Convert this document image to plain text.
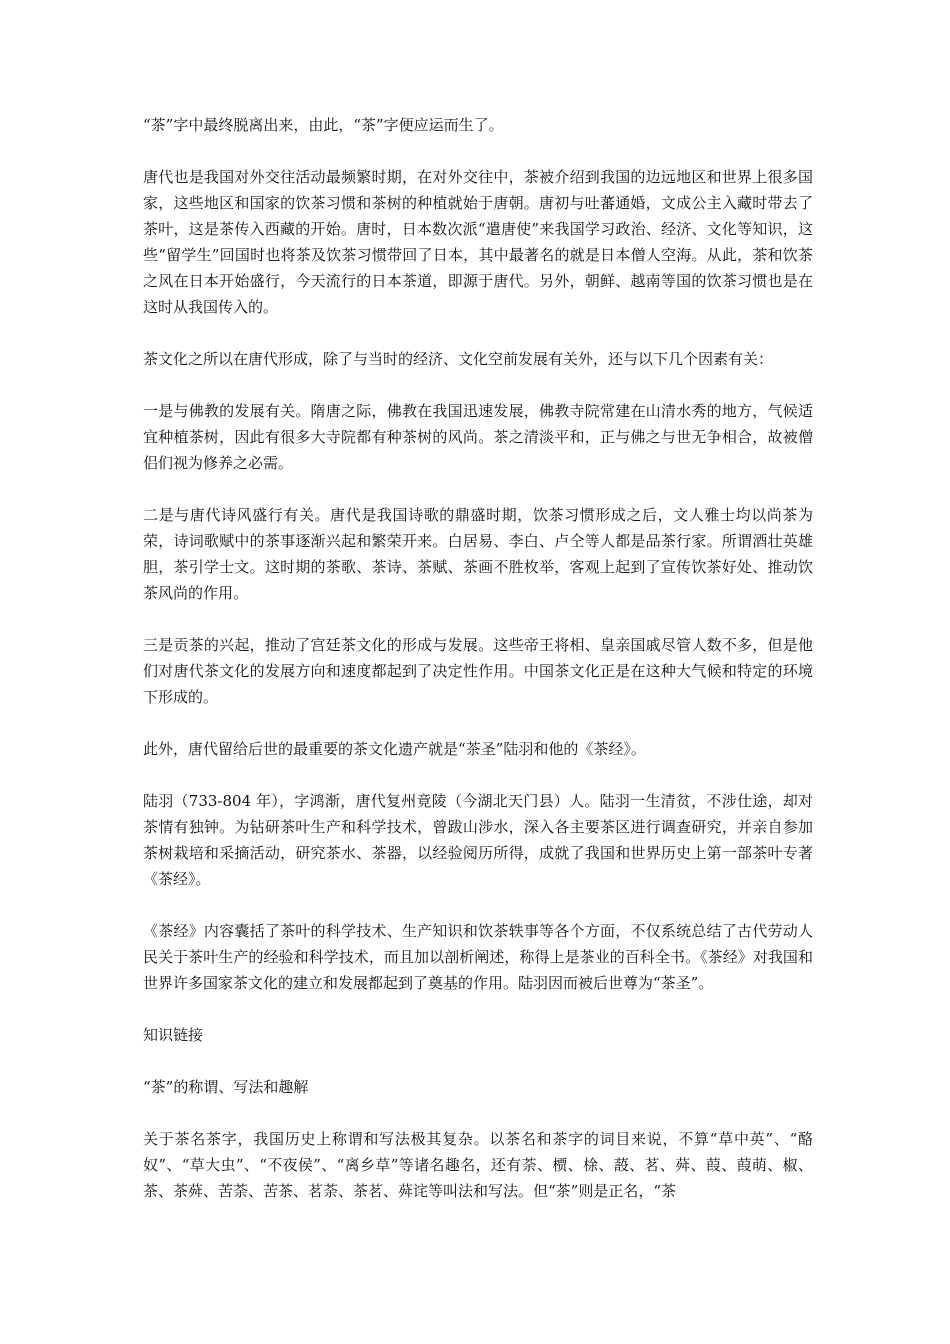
“茶”字中最终脱离出来，由此，“茶”字便应运而生了。

唐代也是我国对外交往活动最频繁时期，在对外交往中，茶被介绍到我国的边远地区和世界上很多国家，这些地区和国家的饮茶习惯和茶树的种植就始于唐朝。唐初与吐蕃通婚，文成公主入藏时带去了茶叶，这是茶传入西藏的开始。唐时，日本数次派“遣唐使”来我国学习政治、经济、文化等知识，这些“留学生”回国时也将茶及饮茶习惯带回了日本，其中最著名的就是日本僧人空海。从此，茶和饮茶之风在日本开始盛行，今天流行的日本茶道，即源于唐代。另外，朝鲜、越南等国的饮茶习惯也是在这时从我国传入的。

茶文化之所以在唐代形成，除了与当时的经济、文化空前发展有关外，还与以下几个因素有关：

一是与佛教的发展有关。隋唐之际，佛教在我国迅速发展，佛教寺院常建在山清水秀的地方，气候适宜种植茶树，因此有很多大寺院都有种茶树的风尚。茶之清淡平和，正与佛之与世无争相合，故被僧侣们视为修养之必需。

二是与唐代诗风盛行有关。唐代是我国诗歌的鼎盛时期，饮茶习惯形成之后，文人雅士均以尚茶为荣，诗词歌赋中的茶事逐渐兴起和繁荣开来。白居易、李白、卢仝等人都是品茶行家。所谓酒壮英雄胆，茶引学士文。这时期的茶歌、茶诗、茶赋、茶画不胜枚举，客观上起到了宣传饮茶好处、推动饮茶风尚的作用。

三是贡茶的兴起，推动了宫廷茶文化的形成与发展。这些帝王将相、皇亲国戚尽管人数不多，但是他们对唐代茶文化的发展方向和速度都起到了决定性作用。中国茶文化正是在这种大气候和特定的环境下形成的。

此外，唐代留给后世的最重要的茶文化遗产就是“茶圣”陆羽和他的《茶经》。

陆羽（733-804 年），字鸿渐，唐代复州竟陵（今湖北天门县）人。陆羽一生清贫，不涉仕途，却对茶情有独钟。为钻研茶叶生产和科学技术，曾跋山涉水，深入各主要茶区进行调查研究，并亲自参加茶树栽培和采摘活动，研究茶水、茶器，以经验阅历所得，成就了我国和世界历史上第一部茶叶专著《茶经》。

《茶经》内容囊括了茶叶的科学技术、生产知识和饮茶轶事等各个方面，不仅系统总结了古代劳动人民关于茶叶生产的经验和科学技术，而且加以剖析阐述，称得上是茶业的百科全书。《茶经》对我国和世界许多国家茶文化的建立和发展都起到了奠基的作用。陆羽因而被后世尊为“茶圣”。

知识链接

“茶”的称谓、写法和趣解

关于茶名茶字，我国历史上称谓和写法极其复杂。以茶名和茶字的词目来说，不算“草中英”、“酪奴”、“草大虫”、“不夜侯”、“离乡草”等诸名趣名，还有荼、槚、梌、蔎、茗、荈、葭、葭萌、椒、茶、茶荈、苦荼、苦茶、茗荼、茶茗、荈诧等叫法和写法。但“茶”则是正名，“茶
